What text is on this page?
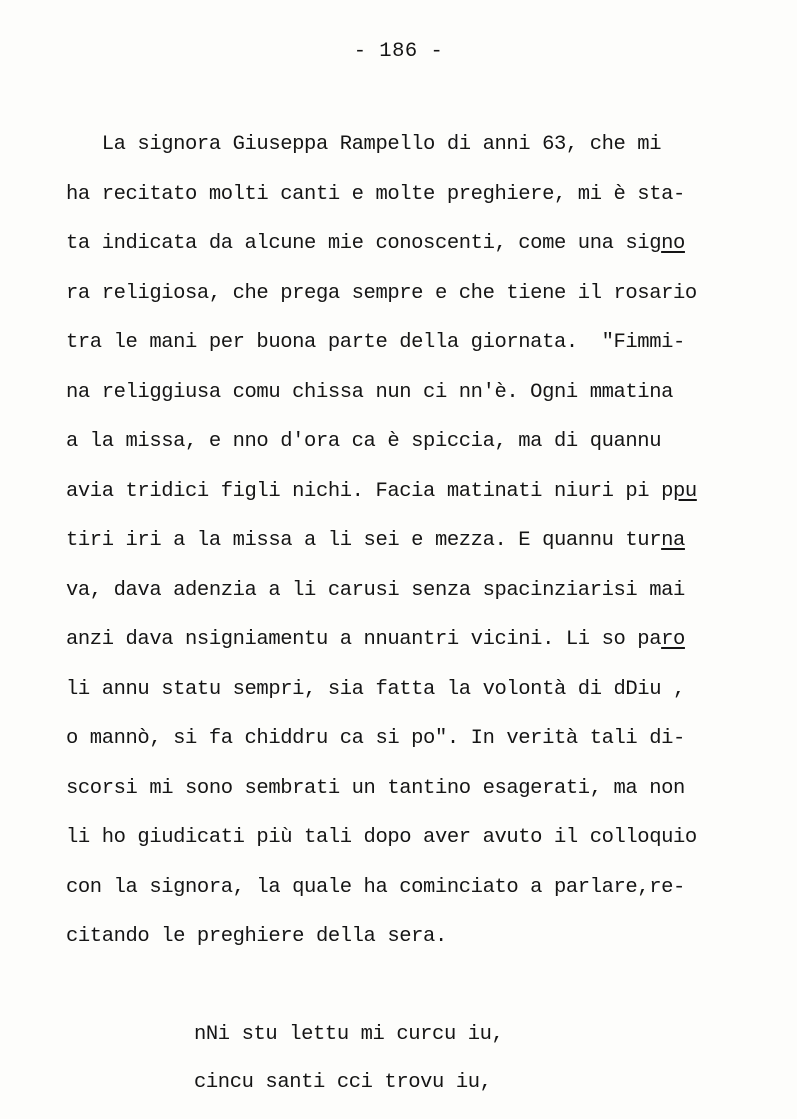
- 186 -
La signora Giuseppa Rampello di anni 63, che mi
ha recitato molti canti e molte preghiere, mi è sta-
ta indicata da alcune mie conoscenti, come una signo
ra religiosa, che prega sempre e che tiene il rosario
tra le mani per buona parte della giornata.  "Fimmi-
na religgiusa comu chissa nun ci nn'è. Ogni mmatina
a la missa, e nno d'ora ca è spiccia, ma di quannu
avia tridici figli nichi. Facia matinati niuri pi ppu
tiri iri a la missa a li sei e mezza. E quannu turna
va, dava adenzia a li carusi senza spacinziarisi mai
anzi dava nsigniamentu a nnuantri vicini. Li so paro
li annu statu sempri, sia fatta la volontà di dDiu ,
o mannò, si fa chiddru ca si po". In verità tali di-
scorsi mi sono sembrati un tantino esagerati, ma non
li ho giudicati più tali dopo aver avuto il colloquio
con la signora, la quale ha cominciato a parlare,re-
citando le preghiere della sera.
nNi stu lettu mi curcu iu,
cincu santi cci trovu iu,
